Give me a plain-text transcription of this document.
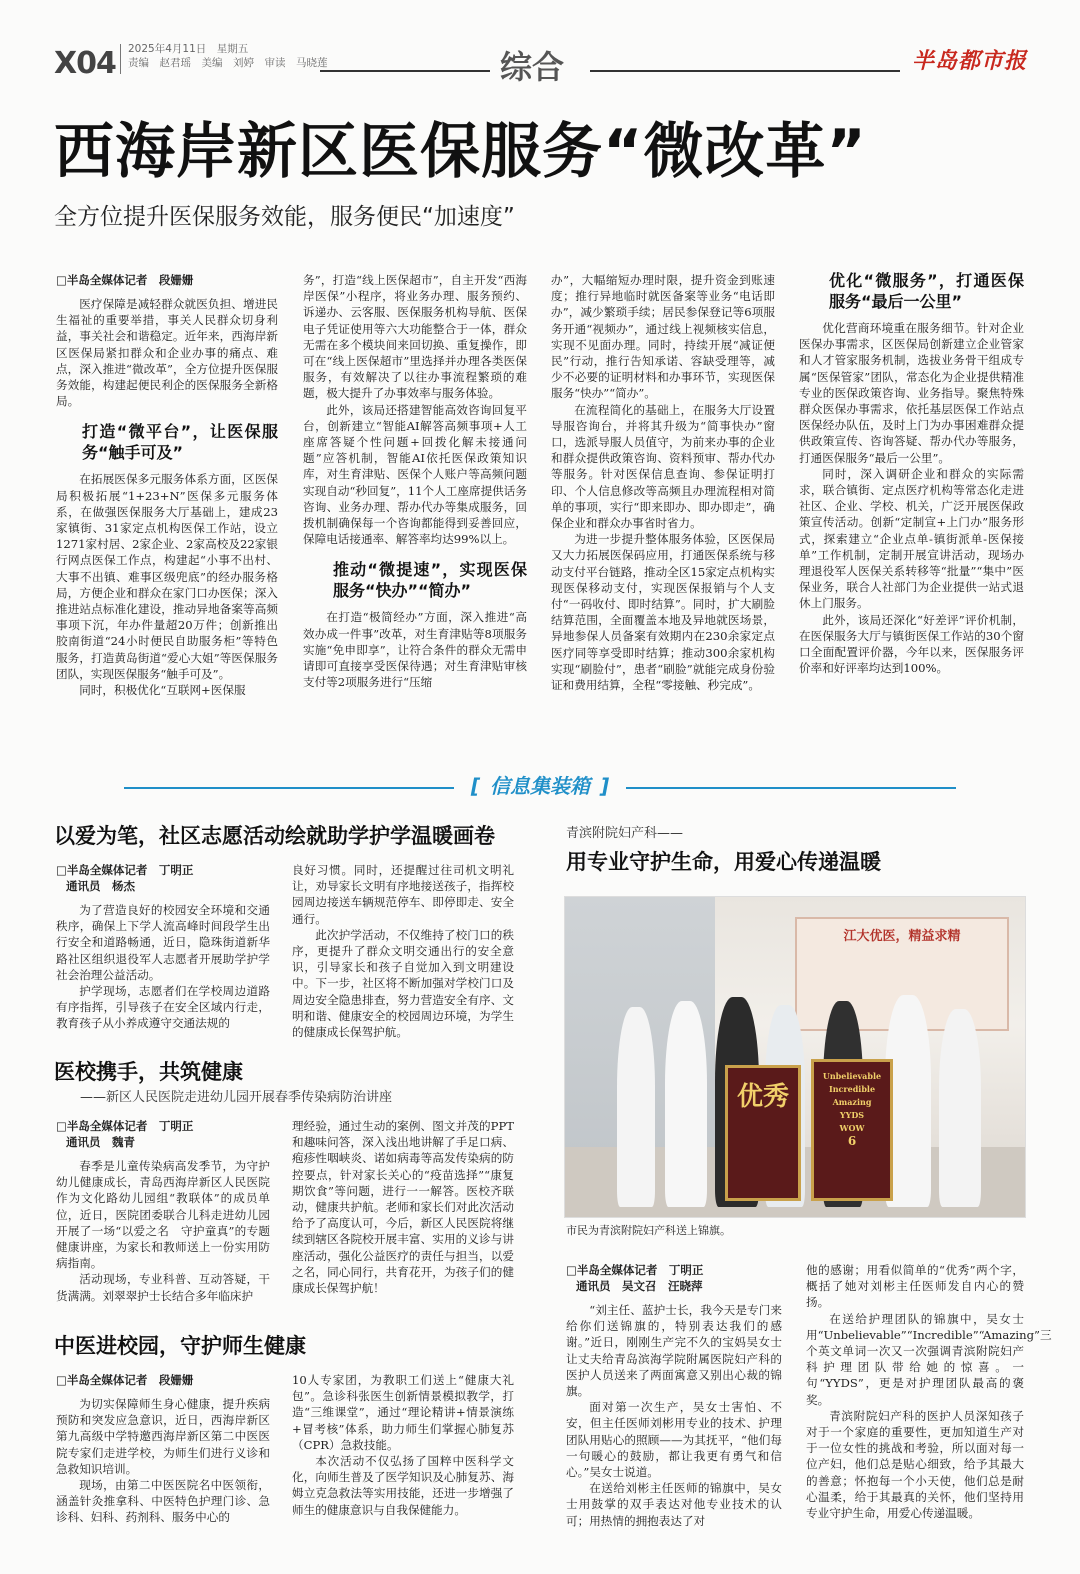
X04 2025年4月11日　星期五
责编　赵君瑶　美编　刘婷　审读　马晓莲	综合	半岛都市报
西海岸新区医保服务“微改革”
全方位提升医保服务效能，服务便民“加速度”
□半岛全媒体记者　段姗姗

医疗保障是减轻群众就医负担、增进民生福祉的重要举措，事关人民群众切身利益，事关社会和谐稳定。近年来，西海岸新区医保局紧扣群众和企业办事的痛点、难点，深入推进“微改革”，全方位提升医保服务效能，构建起便民利企的医保服务全新格局。

打造“微平台”，让医保服务“触手可及”

在拓展医保多元服务体系方面，区医保局积极拓展“1+23+N”医保多元服务体系，在做强医保服务大厅基础上，建成23家镇街、31家定点机构医保工作站，设立1271家村居、2家企业、2家高校及22家银行网点医保工作点，构建起“小事不出村、大事不出镇、难事区级兜底”的经办服务格局，方便企业和群众在家门口办医保；深入推进站点标准化建设，推动异地备案等高频事项下沉，年办件量超20万件；创新推出胶南街道“24小时便民自助服务柜”等特色服务，打造黄岛街道“爱心大姐”等医保服务团队，实现医保服务“触手可及”。

同时，积极优化“互联网+医保服

务”，打造“线上医保超市”，自主开发“西海岸医保”小程序，将业务办理、服务预约、诉递办、云客服、医保服务机构导航、医保电子凭证使用等六大功能整合于一体，群众无需在多个模块间来回切换、重复操作，即可在“线上医保超市”里选择并办理各类医保服务，有效解决了以往办事流程繁琐的难题，极大提升了办事效率与服务体验。

此外，该局还搭建智能高效咨询回复平台，创新建立“智能AI解答高频事项+人工座席答疑个性问题+回拨化解未接通问题”应答机制，智能AI依托医保政策知识库，对生育津贴、医保个人账户等高频问题实现自动“秒回复”，11个人工座席提供话务咨询、业务办理、帮办代办等集成服务，回拨机制确保每一个咨询都能得到妥善回应，保障电话接通率、解答率均达99%以上。

推动“微提速”，实现医保服务“快办”“简办”

在打造“极简经办”方面，深入推进“高效办成一件事”改革，对生育津贴等8项服务实施“免申即享”，让符合条件的群众无需申请即可直接享受医保待遇；对生育津贴审核支付等2项服务进行“压缩

办”，大幅缩短办理时限，提升资金到账速度；推行异地临时就医备案等业务“电话即办”，减少繁琐手续；居民参保登记等6项服务开通“视频办”，通过线上视频核实信息，实现不见面办理。同时，持续开展“减证便民”行动，推行告知承诺、容缺受理等，减少不必要的证明材料和办事环节，实现医保服务“快办”“简办”。

在流程简化的基础上，在服务大厅设置导服咨询台，并将其升级为“简事快办”窗口，选派导服人员值守，为前来办事的企业和群众提供政策咨询、资料预审、帮办代办等服务。针对医保信息查询、参保证明打印、个人信息修改等高频且办理流程相对简单的事项，实行“即来即办、即办即走”，确保企业和群众办事省时省力。

为进一步提升整体服务体验，区医保局又大力拓展医保码应用，打通医保系统与移动支付平台链路，推动全区15家定点机构实现医保移动支付，实现医保报销与个人支付“一码收付、即时结算”。同时，扩大刷脸结算范围，全面覆盖本地及异地就医场景，异地参保人员备案有效期内在230余家定点医疗同等享受即时结算；推动300余家机构实现“刷脸付”，患者“刷脸”就能完成身份验证和费用结算，全程“零接触、秒完成”。

优化“微服务”，打通医保服务“最后一公里”

优化营商环境重在服务细节。针对企业医保办事需求，区医保局创新建立企业管家和人才管家服务机制，选拔业务骨干组成专属“医保管家”团队，常态化为企业提供精准专业的医保政策咨询、业务指导。聚焦特殊群众医保办事需求，依托基层医保工作站点医保经办队伍，及时上门为办事困难群众提供政策宣传、咨询答疑、帮办代办等服务，打通医保服务“最后一公里”。

同时，深入调研企业和群众的实际需求，联合镇街、定点医疗机构等常态化走进社区、企业、学校、机关，广泛开展医保政策宣传活动。创新“定制宣+上门办”服务形式，探索建立“企业点单-镇街派单-医保接单”工作机制，定制开展宣讲活动，现场办理退役军人医保关系转移等“批量”“集中”医保业务，联合人社部门为企业提供一站式退休上门服务。

此外，该局还深化“好差评”评价机制，在医保服务大厅与镇街医保工作站的30个窗口全面配置评价器，今年以来，医保服务评价率和好评率均达到100%。

[ 信息集装箱 ]
以爱为笔，社区志愿活动绘就助学护学温暖画卷
□半岛全媒体记者　丁明正
通讯员　杨杰

为了营造良好的校园安全环境和交通秩序，确保上下学人流高峰时间段学生出行安全和道路畅通，近日，隐珠街道新华路社区组织退役军人志愿者开展助学护学社会治理公益活动。

护学现场，志愿者们在学校周边道路有序指挥，引导孩子在安全区域内行走，教育孩子从小养成遵守交通法规的

良好习惯。同时，还提醒过往司机文明礼让，劝导家长文明有序地接送孩子，指挥校园周边接送车辆规范停车、即停即走、安全通行。

此次护学活动，不仅维持了校门口的秩序，更提升了群众文明交通出行的安全意识，引导家长和孩子自觉加入到文明建设中。下一步，社区将不断加强对学校门口及周边安全隐患排查，努力营造安全有序、文明和谐、健康安全的校园周边环境，为学生的健康成长保驾护航。

医校携手，共筑健康
——新区人民医院走进幼儿园开展春季传染病防治讲座
□半岛全媒体记者　丁明正
通讯员　魏青

春季是儿童传染病高发季节，为守护幼儿健康成长，青岛西海岸新区人民医院作为文化路幼儿园组“教联体”的成员单位，近日，医院团委联合儿科走进幼儿园开展了一场“以爱之名　守护童真”的专题健康讲座，为家长和教师送上一份实用防病指南。

活动现场，专业科普、互动答疑，干货满满。刘翠翠护士长结合多年临床护

理经验，通过生动的案例、图文并茂的PPT和趣味问答，深入浅出地讲解了手足口病、疱疹性咽峡炎、诺如病毒等高发传染病的防控要点，针对家长关心的“疫苗选择”“康复期饮食”等问题，进行一一解答。医校齐联动，健康共护航。老师和家长们对此次活动给予了高度认可，今后，新区人民医院将继续到辖区各院校开展丰富、实用的义诊与讲座活动，强化公益医疗的责任与担当，以爱之名，同心同行，共育花开，为孩子们的健康成长保驾护航！

中医进校园，守护师生健康
□半岛全媒体记者　段姗姗

为切实保障师生身心健康，提升疾病预防和突发应急意识，近日，西海岸新区第九高级中学特邀西海岸新区第二中医医院专家们走进学校，为师生们进行义诊和急救知识培训。

现场，由第二中医医院名中医领衔，涵盖针灸推拿科、中医特色护理门诊、急诊科、妇科、药剂科、服务中心的

10人专家团，为教职工们送上“健康大礼包”。急诊科张医生创新情景模拟教学，打造“三维课堂”，通过“理论精讲+情景演练+冒考核”体系，助力师生们掌握心肺复苏（CPR）急救技能。

本次活动不仅弘扬了国粹中医科学文化，向师生普及了医学知识及心肺复苏、海姆立克急救法等实用技能，还进一步增强了师生的健康意识与自我保健能力。

青滨附院妇产科——
用专业守护生命，用爱心传递温暖
江大优医，精益求精
优秀
Unbelievable
Incredible
Amazing
YYDS
WOW
6
市民为青滨附院妇产科送上锦旗。
□半岛全媒体记者　丁明正
通讯员　吴文召　汪晓萍

“刘主任、蓝护士长，我今天是专门来给你们送锦旗的，特别表达我们的感谢。”近日，刚刚生产完不久的宝妈吴女士让丈夫给青岛滨海学院附属医院妇产科的医护人员送来了两面寓意又别出心裁的锦旗。

面对第一次生产，吴女士害怕、不安，但主任医师刘彬用专业的技术、护理团队用贴心的照顾——为其抚平，“他们每一句暖心的鼓励，都让我更有勇气和信心。”吴女士说道。

在送给刘彬主任医师的锦旗中，吴女士用鼓掌的双手表达对他专业技术的认可；用热情的拥抱表达了对

他的感谢；用看似简单的“优秀”两个字，概括了她对刘彬主任医师发自内心的赞扬。

在送给护理团队的锦旗中，吴女士用“Unbelievable”“Incredible”“Amazing”三个英文单词一次又一次强调青滨附院妇产科护理团队带给她的惊喜。一句“YYDS”，更是对护理团队最高的褒奖。

青滨附院妇产科的医护人员深知孩子对于一个家庭的重要性，更加知道生产对于一位女性的挑战和考验，所以面对每一位产妇，他们总是贴心细致，给予其最大的善意；怀抱每一个小天使，他们总是耐心温柔，给于其最真的关怀，他们坚持用专业守护生命，用爱心传递温暖。
